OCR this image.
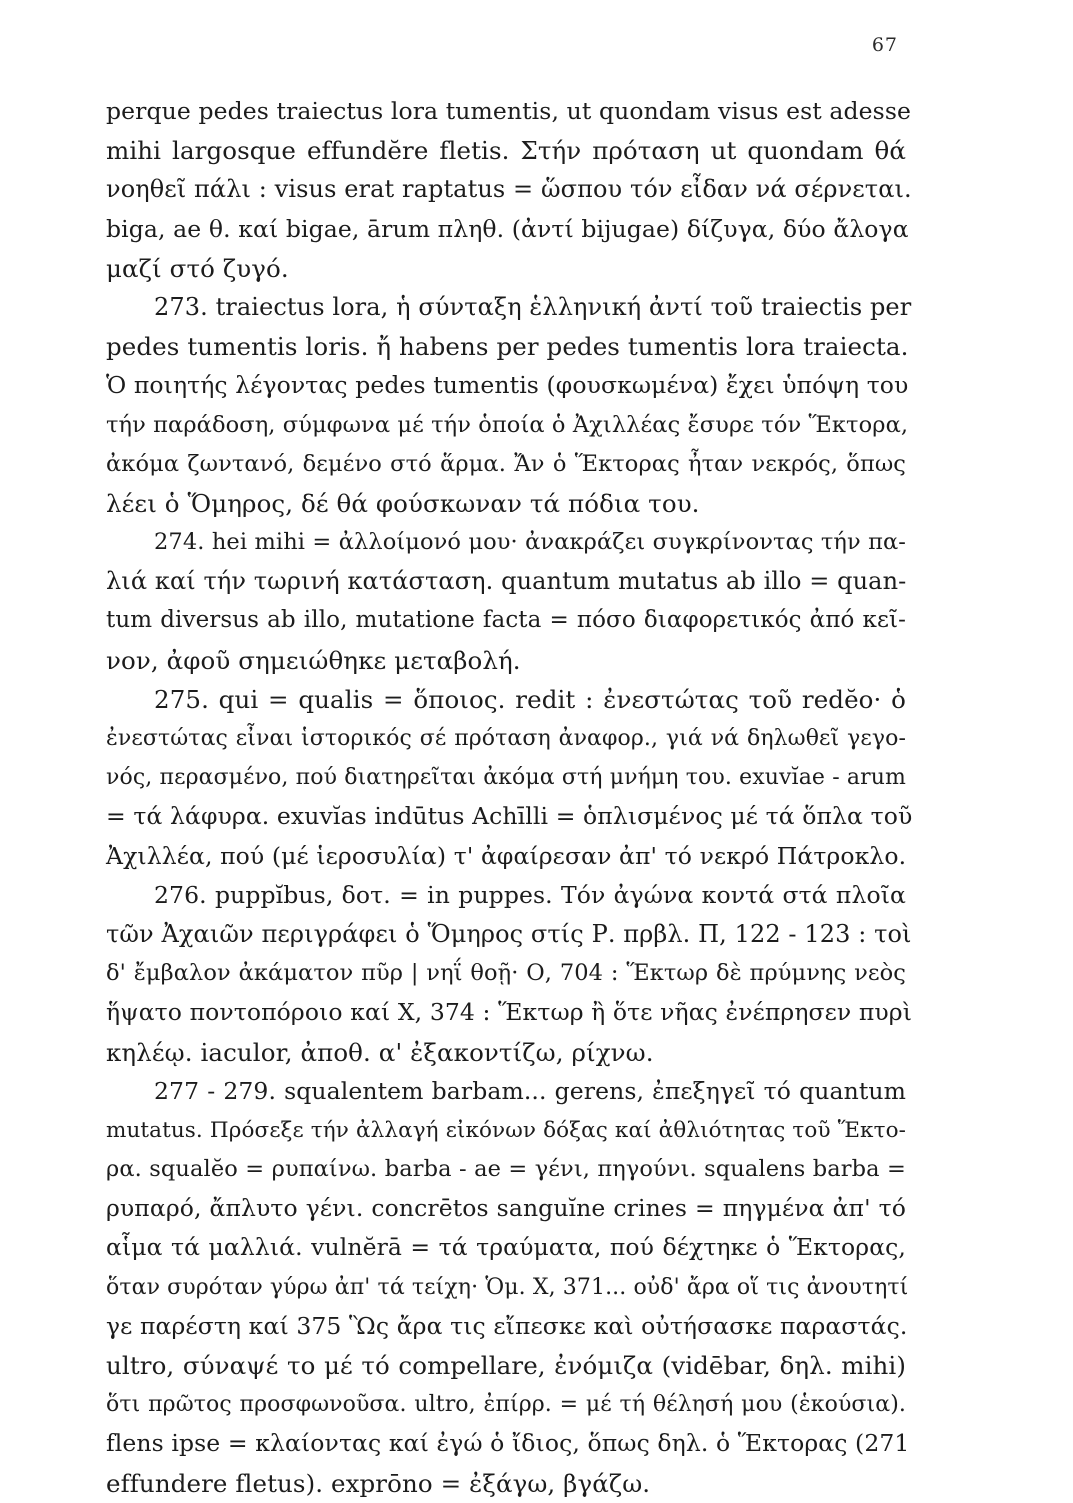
67
perque pedes traiectus lora tumentis, ut quondam visus est adesse
mihi largosque effundĕre fletis. Στήν πρόταση ut quondam θά
νοηθεῖ πάλι : visus erat raptatus = ὥσπου τόν εἶδαν νά σέρνεται.
biga, ae θ. καί bigae, ārum πληθ. (ἀντί bijugae) δίζυγα, δύο ἄλογα
μαζί στό ζυγό.
273. traiectus lora, ἡ σύνταξη ἑλληνική ἀντί τοῦ traiectis per
pedes tumentis loris. ἤ habens per pedes tumentis lora traiecta.
Ὁ ποιητής λέγοντας pedes tumentis (φουσκωμένα) ἔχει ὑπόψη του
τήν παράδοση, σύμφωνα μέ τήν ὁποία ὁ Ἀχιλλέας ἔσυρε τόν Ἕκτορα,
ἀκόμα ζωντανό, δεμένο στό ἅρμα. Ἄν ὁ Ἕκτορας ἦταν νεκρός, ὅπως
λέει ὁ Ὅμηρος, δέ θά φούσκωναν τά πόδια του.
274. hei mihi = ἀλλοίμονό μου· ἀνακράζει συγκρίνοντας τήν πα-
λιά καί τήν τωρινή κατάσταση. quantum mutatus ab illo = quan-
tum diversus ab illo, mutatione facta = πόσο διαφορετικός ἀπό κεῖ-
νον, ἀφοῦ σημειώθηκε μεταβολή.
275. qui = qualis = ὅποιος. redit : ἐνεστώτας τοῦ redĕo· ὁ
ἐνεστώτας εἶναι ἱστορικός σέ πρόταση ἀναφορ., γιά νά δηλωθεῖ γεγο-
νός, περασμένο, πού διατηρεῖται ἀκόμα στή μνήμη του. exuvĭae - arum
= τά λάφυρα. exuvĭas indūtus Achīlli = ὁπλισμένος μέ τά ὅπλα τοῦ
Ἀχιλλέα, πού (μέ ἱεροσυλία) τ' ἀφαίρεσαν ἀπ' τό νεκρό Πάτροκλο.
276. puppĭbus, δοτ. = in puppes. Τόν ἀγώνα κοντά στά πλοῖα
τῶν Ἀχαιῶν περιγράφει ὁ Ὅμηρος στίς Ρ. πρβλ. Π, 122 - 123 : τοὶ
δ' ἔμβαλον ἀκάματον πῦρ | νηΐ θοῇ· Ο, 704 : Ἕκτωρ δὲ πρύμνης νεὸς
ἥψατο ποντοπόροιο καί Χ, 374 : Ἕκτωρ ἢ ὅτε νῆας ἐνέπρησεν πυρὶ
κηλέῳ. iaculor, ἀποθ. α' ἐξακοντίζω, ρίχνω.
277 - 279. squalentem barbam... gerens, ἐπεξηγεῖ τό quantum
mutatus. Πρόσεξε τήν ἀλλαγή εἰκόνων δόξας καί ἀθλιότητας τοῦ Ἕκτο-
ρα. squalĕo = ρυπαίνω. barba - ae = γένι, πηγούνι. squalens barba =
ρυπαρό, ἄπλυτο γένι. concrētos sanguĭne crines = πηγμένα ἀπ' τό
αἷμα τά μαλλιά. vulnĕrā = τά τραύματα, πού δέχτηκε ὁ Ἕκτορας,
ὅταν συρόταν γύρω ἀπ' τά τείχη· Ὁμ. Χ, 371... οὐδ' ἄρα οἵ τις ἀνουτητί
γε παρέστη καί 375 Ὣς ἄρα τις εἴπεσκε καὶ οὐτήσασκε παραστάς.
ultro, σύναψέ το μέ τό compellare, ἐνόμιζα (vidēbar, δηλ. mihi)
ὅτι πρῶτος προσφωνοῦσα. ultro, ἐπίρρ. = μέ τή θέλησή μου (ἑκούσια).
flens ipse = κλαίοντας καί ἐγώ ὁ ἴδιος, ὅπως δηλ. ὁ Ἕκτορας (271
effundere fletus). exprōno = ἐξάγω, βγάζω.
